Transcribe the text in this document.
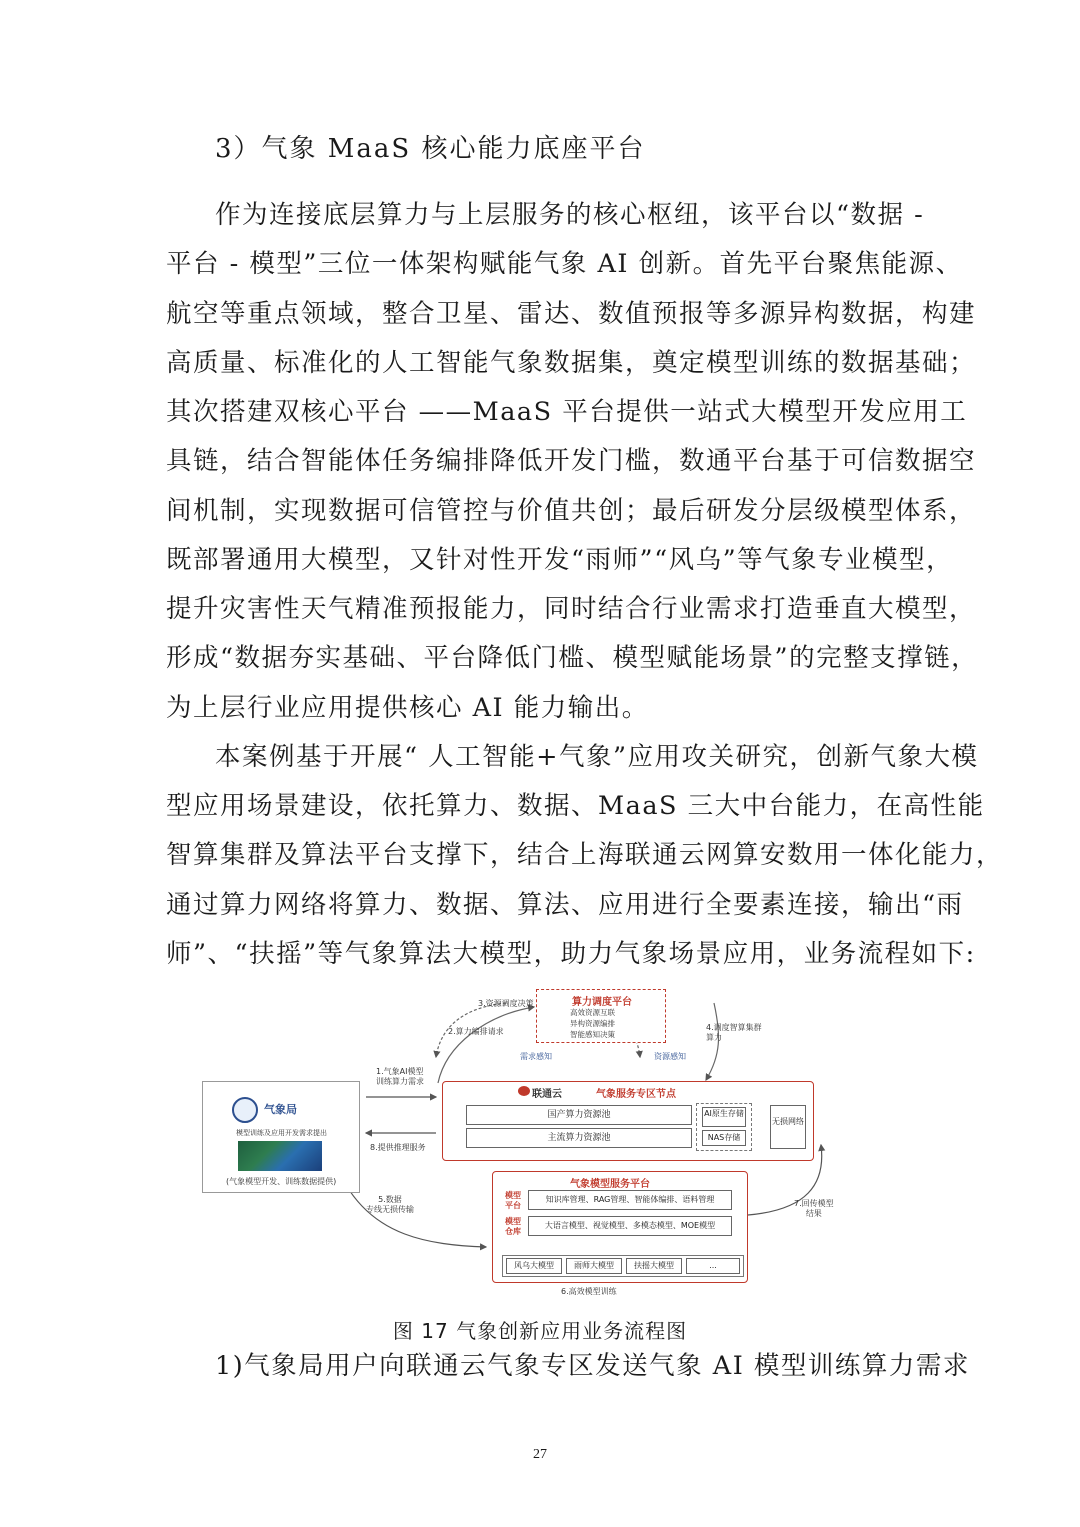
3）气象 MaaS 核心能力底座平台
作为连接底层算力与上层服务的核心枢纽，该平台以“数据 -
平台 - 模型”三位一体架构赋能气象 AI 创新。首先平台聚焦能源、
航空等重点领域，整合卫星、雷达、数值预报等多源异构数据，构建
高质量、标准化的人工智能气象数据集，奠定模型训练的数据基础；
其次搭建双核心平台 ——MaaS 平台提供一站式大模型开发应用工
具链，结合智能体任务编排降低开发门槛，数通平台基于可信数据空
间机制，实现数据可信管控与价值共创；最后研发分层级模型体系，
既部署通用大模型，又针对性开发“雨师”“风乌”等气象专业模型，
提升灾害性天气精准预报能力，同时结合行业需求打造垂直大模型，
形成“数据夯实基础、平台降低门槛、模型赋能场景”的完整支撑链，
为上层行业应用提供核心 AI 能力输出。
本案例基于开展“ 人工智能+气象”应用攻关研究，创新气象大模
型应用场景建设，依托算力、数据、MaaS 三大中台能力，在高性能
智算集群及算法平台支撑下，结合上海联通云网算安数用一体化能力，
通过算力网络将算力、数据、算法、应用进行全要素连接，输出“雨
师”、“扶摇”等气象算法大模型，助力气象场景应用，业务流程如下:
算力调度平台
高效资源互联
异构资源编排
智能感知决策
3.资源调度决策
2.算力编排请求	4.调度智算集群
算力
需求感知	资源感知
1.气象AI模型
训练算力需求
8.提供推理服务
5.数据
专线无损传输
7.回传模型
结果
6.高效模型训练
气象局
模型训练及应用开发需求提出
(气象模型开发、训练数据提供)
联通云	气象服务专区节点
国产算力资源池
主流算力资源池
AI原生存储
NAS存储
无损网络
气象模型服务平台
模型平台
知识库管理、RAG管理、智能体编排、语料管理
模型仓库
大语言模型、视觉模型、多模态模型、MOE模型
风乌大模型	雨师大模型	扶摇大模型	...
图 17 气象创新应用业务流程图
1)气象局用户向联通云气象专区发送气象 AI 模型训练算力需求
27
